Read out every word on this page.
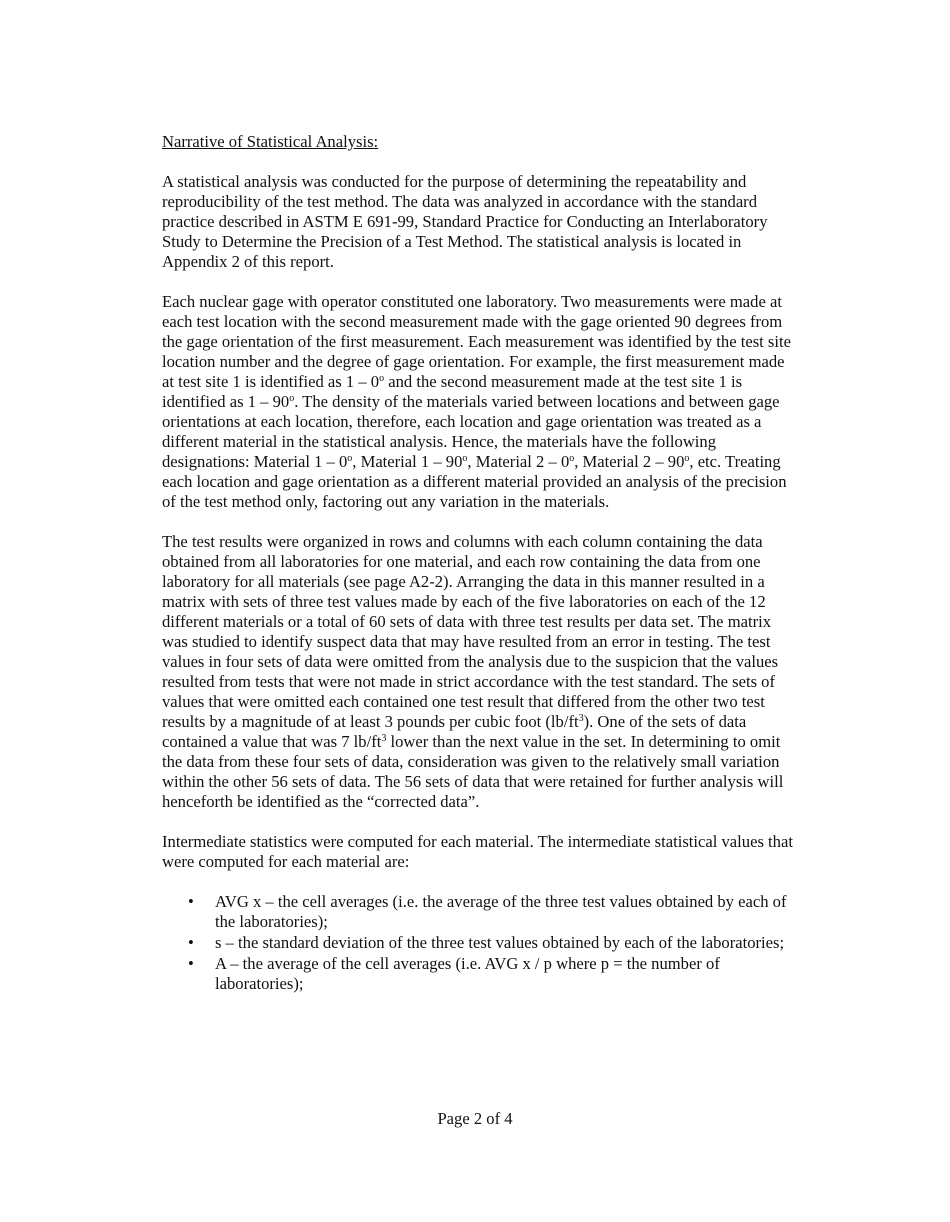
Narrative of Statistical Analysis:

A statistical analysis was conducted for the purpose of determining the repeatability and reproducibility of the test method. The data was analyzed in accordance with the standard practice described in ASTM E 691-99, Standard Practice for Conducting an Interlaboratory Study to Determine the Precision of a Test Method. The statistical analysis is located in Appendix 2 of this report.

Each nuclear gage with operator constituted one laboratory. Two measurements were made at each test location with the second measurement made with the gage oriented 90 degrees from the gage orientation of the first measurement. Each measurement was identified by the test site location number and the degree of gage orientation. For example, the first measurement made at test site 1 is identified as 1 – 0$^o$ and the second measurement made at the test site 1 is identified as 1 – 90$^o$. The density of the materials varied between locations and between gage orientations at each location, therefore, each location and gage orientation was treated as a different material in the statistical analysis. Hence, the materials have the following designations: Material 1 – 0$^o$, Material 1 – 90$^o$, Material 2 – 0$^o$, Material 2 – 90$^o$, etc. Treating each location and gage orientation as a different material provided an analysis of the precision of the test method only, factoring out any variation in the materials.

The test results were organized in rows and columns with each column containing the data obtained from all laboratories for one material, and each row containing the data from one laboratory for all materials (see page A2-2). Arranging the data in this manner resulted in a matrix with sets of three test values made by each of the five laboratories on each of the 12 different materials or a total of 60 sets of data with three test results per data set. The matrix was studied to identify suspect data that may have resulted from an error in testing. The test values in four sets of data were omitted from the analysis due to the suspicion that the values resulted from tests that were not made in strict accordance with the test standard. The sets of values that were omitted each contained one test result that differed from the other two test results by a magnitude of at least 3 pounds per cubic foot $(lb/ft^3)$. One of the sets of data contained a value that was 7 $lb/ft^3$ lower than the next value in the set. In determining to omit the data from these four sets of data, consideration was given to the relatively small variation within the other 56 sets of data. The 56 sets of data that were retained for further analysis will henceforth be identified as the “corrected data”.

Intermediate statistics were computed for each material. The intermediate statistical values that were computed for each material are:

• AVG x – the cell averages (i.e. the average of the three test values obtained by each of the laboratories);
• s – the standard deviation of the three test values obtained by each of the laboratories;
• A – the average of the cell averages (i.e. AVG x / p where p = the number of laboratories);
Page 2 of 4
